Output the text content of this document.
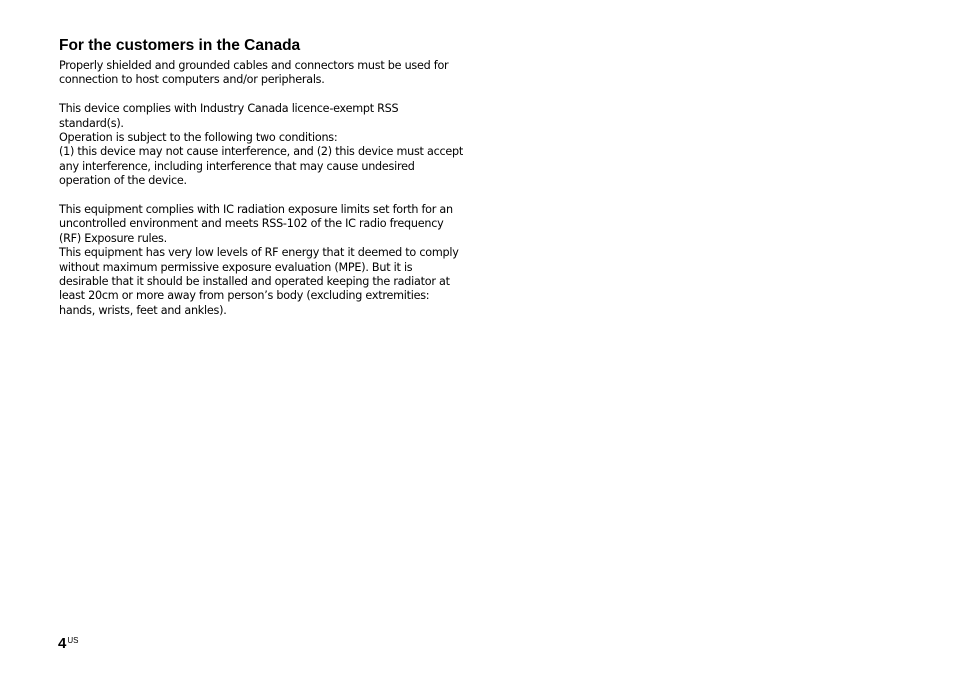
For the customers in the Canada

Properly shielded and grounded cables and connectors must be used for
connection to host computers and/or peripherals.

This device complies with Industry Canada licence-exempt RSS
standard(s).
Operation is subject to the following two conditions:
(1) this device may not cause interference, and (2) this device must accept
any interference, including interference that may cause undesired
operation of the device.

This equipment complies with IC radiation exposure limits set forth for an
uncontrolled environment and meets RSS-102 of the IC radio frequency
(RF) Exposure rules.
This equipment has very low levels of RF energy that it deemed to comply
without maximum permissive exposure evaluation (MPE). But it is
desirable that it should be installed and operated keeping the radiator at
least 20cm or more away from person’s body (excluding extremities:
hands, wrists, feet and ankles).

$4^{US}$
